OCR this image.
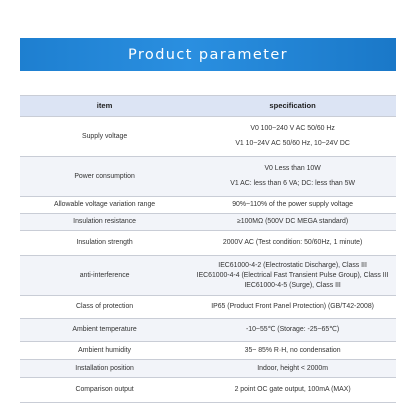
Product parameter
item	specification
Supply voltage	V0 100~240 V AC 50/60 Hz
V1 10~24V AC 50/60 Hz, 10~24V DC

Power consumption	V0 Less than 10W
V1 AC: less than 6 VA; DC: less than 5W

Allowable voltage variation range	90%~110% of the power supply voltage
Insulation resistance	≥100MΩ (500V DC MEGA standard)
Insulation strength	2000V AC (Test condition: 50/60Hz, 1 minute)
anti-interference	IEC61000-4-2 (Electrostatic Discharge), Class III
IEC61000-4-4 (Electrical Fast Transient Pulse Group), Class III
IEC61000-4-5 (Surge), Class III

Class of protection	IP65 (Product Front Panel Protection) (GB/T42-2008)
Ambient temperature	-10~55℃ (Storage: -25~65℃)
Ambient humidity	35~ 85% R·H, no condensation
Installation position	Indoor, height < 2000m
Comparison output	2 point OC gate output, 100mA (MAX)
